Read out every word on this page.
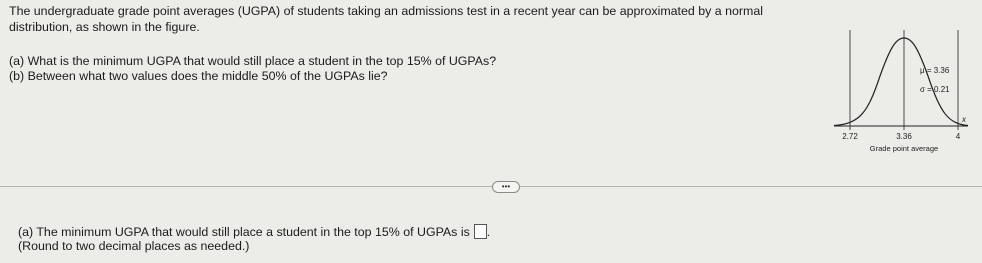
The undergraduate grade point averages (UGPA) of students taking an admissions test in a recent year can be approximated by a normal distribution, as shown in the figure.
(a) What is the minimum UGPA that would still place a student in the top 15% of UGPAs?
(b) Between what two values does the middle 50% of the UGPAs lie?	μ = 3.36
σ = 0.21
x
2.72	3.36	4
Grade point average
•••
(a) The minimum UGPA that would still place a student in the top 15% of UGPAs is .
(Round to two decimal places as needed.)
